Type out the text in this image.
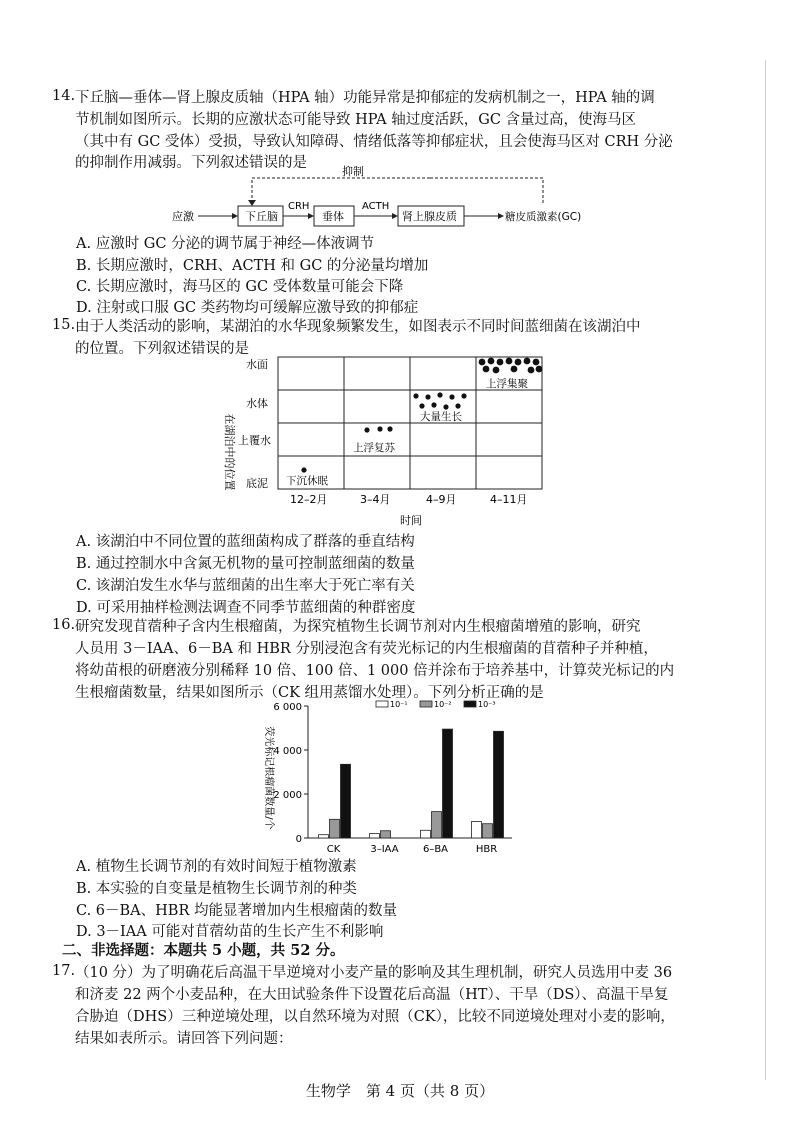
14. 下丘脑—垂体—肾上腺皮质轴（HPA 轴）功能异常是抑郁症的发病机制之一，HPA 轴的调
节机制如图所示。长期的应激状态可能导致 HPA 轴过度活跃，GC 含量过高，使海马区
（其中有 GC 受体）受损，导致认知障碍、情绪低落等抑郁症状，且会使海马区对 CRH 分泌
的抑制作用减弱。下列叙述错误的是
抑制
应激	下丘脑
CRH
垂体
ACTH
肾上腺皮质	糖皮质激素(GC)
A. 应激时 GC 分泌的调节属于神经—体液调节
B. 长期应激时，CRH、ACTH 和 GC 的分泌量均增加
C. 长期应激时，海马区的 GC 受体数量可能会下降
D. 注射或口服 GC 类药物均可缓解应激导致的抑郁症
15. 由于人类活动的影响，某湖泊的水华现象频繁发生，如图表示不同时间蓝细菌在该湖泊中
的位置。下列叙述错误的是
在湖泊中的位置
水面
水体
上覆水
底泥
12–2月	3–4月	4–9月	4–11月
时间
下沉休眠
上浮复苏
大量生长
上浮集聚
A. 该湖泊中不同位置的蓝细菌构成了群落的垂直结构
B. 通过控制水中含氮无机物的量可控制蓝细菌的数量
C. 该湖泊发生水华与蓝细菌的出生率大于死亡率有关
D. 可采用抽样检测法调查不同季节蓝细菌的种群密度
16. 研究发现苜蓿种子含内生根瘤菌，为探究植物生长调节剂对内生根瘤菌增殖的影响，研究
人员用 3－IAA、6－BA 和 HBR 分别浸泡含有荧光标记的内生根瘤菌的苜蓿种子并种植，
将幼苗根的研磨液分别稀释 10 倍、100 倍、1 000 倍并涂布于培养基中，计算荧光标记的内
生根瘤菌数量，结果如图所示（CK 组用蒸馏水处理）。下列分析正确的是
荧光标记根瘤菌数量/个
0
2 000
4 000
6 000
CK	3–IAA 6–BA	HBR
10⁻¹	10⁻²	10⁻³
A. 植物生长调节剂的有效时间短于植物激素
B. 本实验的自变量是植物生长调节剂的种类
C. 6－BA、HBR 均能显著增加内生根瘤菌的数量
D. 3－IAA 可能对苜蓿幼苗的生长产生不利影响
二、非选择题：本题共 5 小题，共 52 分。
17. （10 分）为了明确花后高温干旱逆境对小麦产量的影响及其生理机制，研究人员选用中麦 36
和济麦 22 两个小麦品种，在大田试验条件下设置花后高温（HT）、干旱（DS）、高温干旱复
合胁迫（DHS）三种逆境处理，以自然环境为对照（CK），比较不同逆境处理对小麦的影响，
结果如表所示。请回答下列问题：
生物学　第 4 页（共 8 页）
